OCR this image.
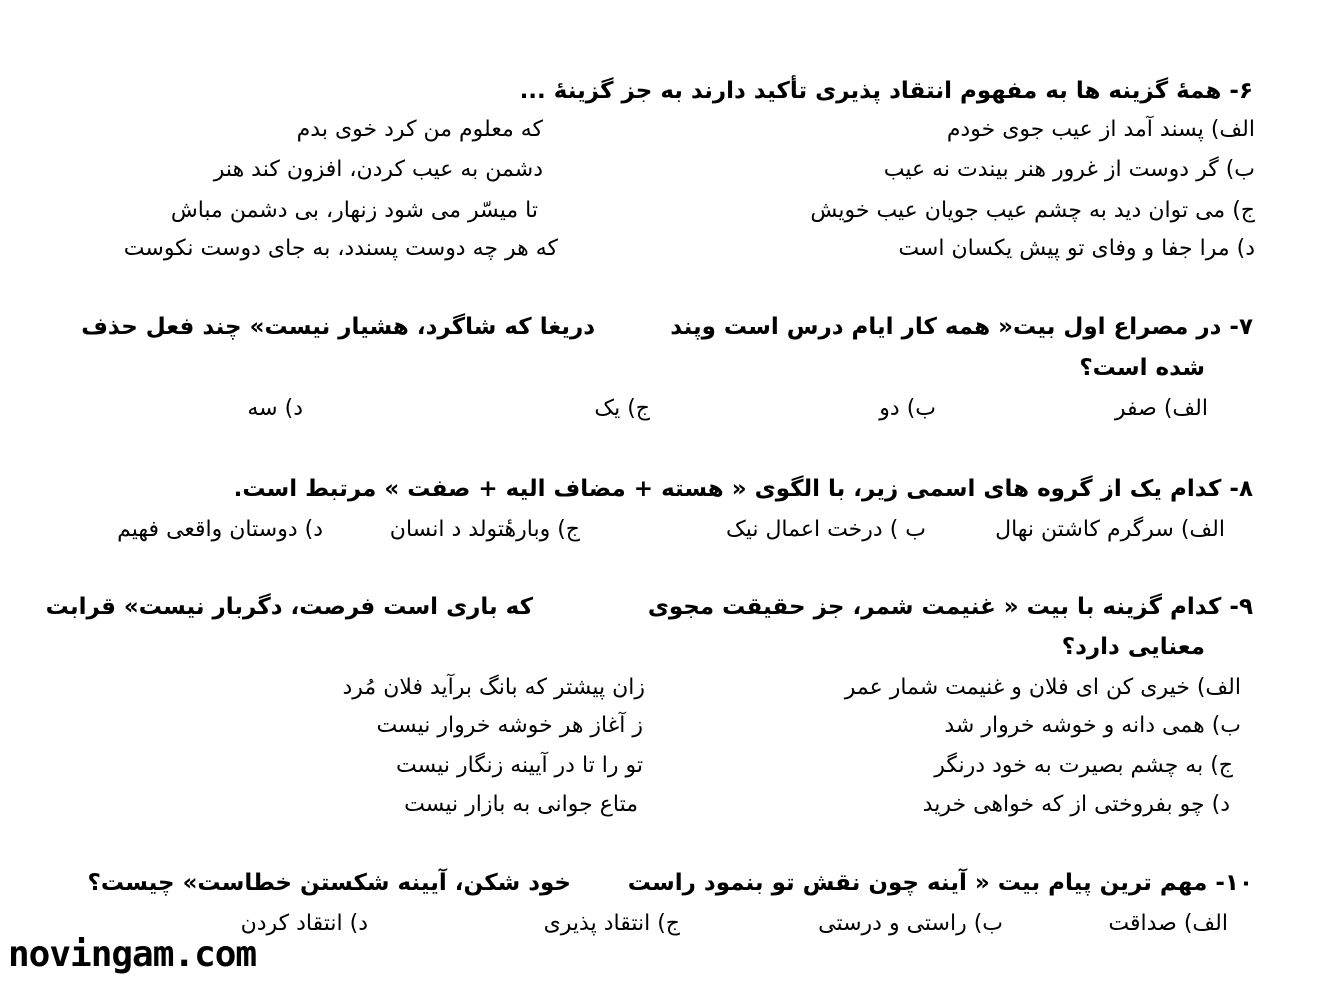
۶- همهٔ گزینه ها به مفهوم انتقاد پذیری تأکید دارند به جز گزینهٔ ...
الف) پسند آمد از عیب جوی خودم
که معلوم من کرد خوی بدم
ب) گر دوست از غرور هنر بیندت نه عیب
دشمن به عیب کردن، افزون کند هنر
ج) می توان دید به چشم عیب جویان عیب خویش
تا میسّر می شود زنهار، بی دشمن مباش
د) مرا جفا و وفای تو پیش یکسان است
که هر چه دوست پسندد، به جای دوست نکوست
۷- در مصراع اول بیت« همه کار ایام درس است وپند
دریغا که شاگرد، هشیار نیست» چند فعل حذف
شده است؟
الف) صفر
ب) دو
ج) یک
د) سه
۸- کدام یک از گروه های اسمی زیر، با الگوی « هسته + مضاف الیه + صفت » مرتبط است.
الف) سرگرم کاشتن نهال
ب ) درخت اعمال نیک
ج) وبارهٔتولد د انسان
د) دوستان واقعی فهیم
۹- کدام گزینه با بیت « غنیمت شمر، جز حقیقت مجوی
که باری است فرصت، دگربار نیست» قرابت
معنایی دارد؟
الف) خیری کن ای فلان و غنیمت شمار عمر
زان پیشتر که بانگ برآید فلان مُرد
ب) همی دانه و خوشه خروار شد
ز آغاز هر خوشه خروار نیست
ج) به چشم بصیرت به خود درنگر
تو را تا در آیینه زنگار نیست
د) چو بفروختی از که خواهی خرید
متاع جوانی به بازار نیست
۱۰- مهم ترین پیام بیت « آینه چون نقش تو بنمود راست
خود شکن، آیینه شکستن خطاست» چیست؟
الف) صداقت
ب) راستی و درستی
ج) انتقاد پذیری
د) انتقاد کردن
novingam.com
